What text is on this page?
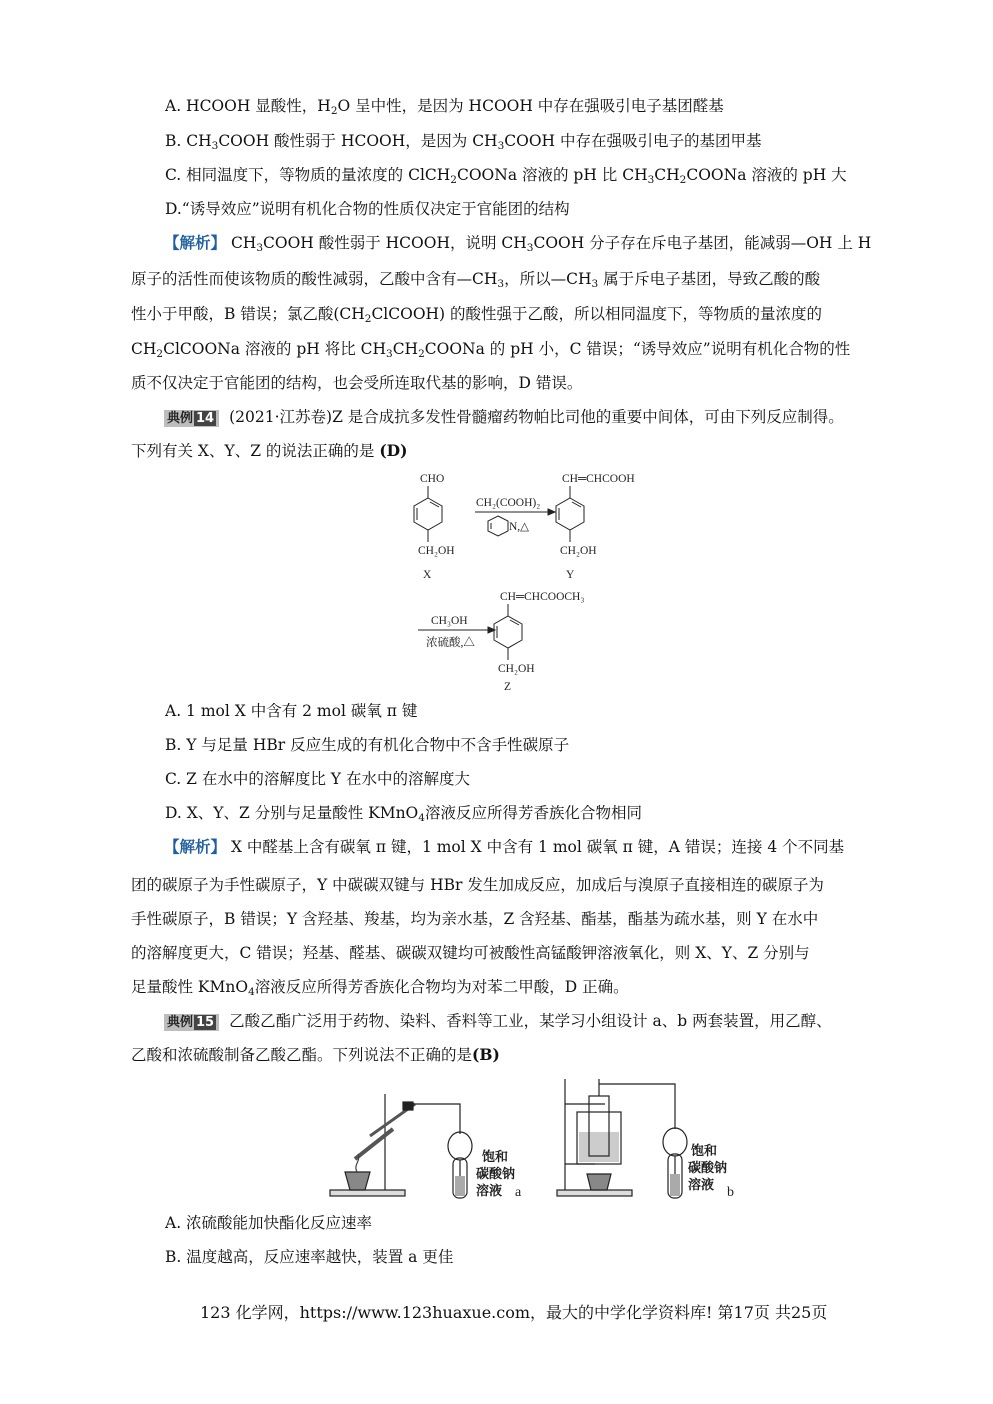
A. HCOOH 显酸性，$H_2O$ 呈中性，是因为 HCOOH 中存在强吸引电子基团醛基
B. $CH_3COOH$ 酸性弱于 HCOOH，是因为 $CH_3COOH$ 中存在强吸引电子的基团甲基
C. 相同温度下，等物质的量浓度的 ClCH$_2$COONa 溶液的 pH 比 $CH_3CH_2COONa$ 溶液的 pH 大
D.“诱导效应”说明有机化合物的性质仅决定于官能团的结构
【解析】 $CH_3COOH$ 酸性弱于 HCOOH，说明 $CH_3COOH$ 分子存在斥电子基团，能减弱—OH 上 H
原子的活性而使该物质的酸性减弱，乙酸中含有$—CH_3$，所以$—CH_3$ 属于斥电子基团，导致乙酸的酸
性小于甲酸，B 错误；氯乙酸$(CH_2ClCOOH)$ 的酸性强于乙酸，所以相同温度下，等物质的量浓度的
$CH_2ClCOONa$ 溶液的 pH 将比 $CH_3CH_2COONa$ 的 pH 小，C 错误；“诱导效应”说明有机化合物的性
质不仅决定于官能团的结构，也会受所连取代基的影响，D 错误。
典例 14 (2021·江苏卷)Z 是合成抗多发性骨髓瘤药物帕比司他的重要中间体，可由下列反应制得。
下列有关 X、Y、Z 的说法正确的是 (D)
CHO
CH₂OH
X
CH₂(COOH)₂
N,△
CH═CHCOOH
CH₂OH
Y
CH₃OH
浓硫酸,△
CH═CHCOOCH₃
CH₂OH
Z
A. 1 mol X 中含有 2 mol 碳氧 π 键
B. Y 与足量 HBr 反应生成的有机化合物中不含手性碳原子
C. Z 在水中的溶解度比 Y 在水中的溶解度大
D. X、Y、Z 分别与足量酸性 KMnO$_4$溶液反应所得芳香族化合物相同
【解析】 X 中醛基上含有碳氧 π 键，1 mol X 中含有 1 mol 碳氧 π 键，A 错误；连接 4 个不同基
团的碳原子为手性碳原子，Y 中碳碳双键与 HBr 发生加成反应，加成后与溴原子直接相连的碳原子为
手性碳原子，B 错误；Y 含羟基、羧基，均为亲水基，Z 含羟基、酯基，酯基为疏水基，则 Y 在水中
的溶解度更大，C 错误；羟基、醛基、碳碳双键均可被酸性高锰酸钾溶液氧化，则 X、Y、Z 分别与
足量酸性 KMnO$_4$溶液反应所得芳香族化合物均为对苯二甲酸，D 正确。
典例 15 乙酸乙酯广泛用于药物、染料、香料等工业，某学习小组设计 a、b 两套装置，用乙醇、
乙酸和浓硫酸制备乙酸乙酯。下列说法不正确的是(B)
饱和
碳酸钠
溶液 a
饱和
碳酸钠
溶液
b
A. 浓硫酸能加快酯化反应速率
B. 温度越高，反应速率越快，装置 a 更佳
123 化学网，https://www.123huaxue.com，最大的中学化学资料库! 第17页 共25页
